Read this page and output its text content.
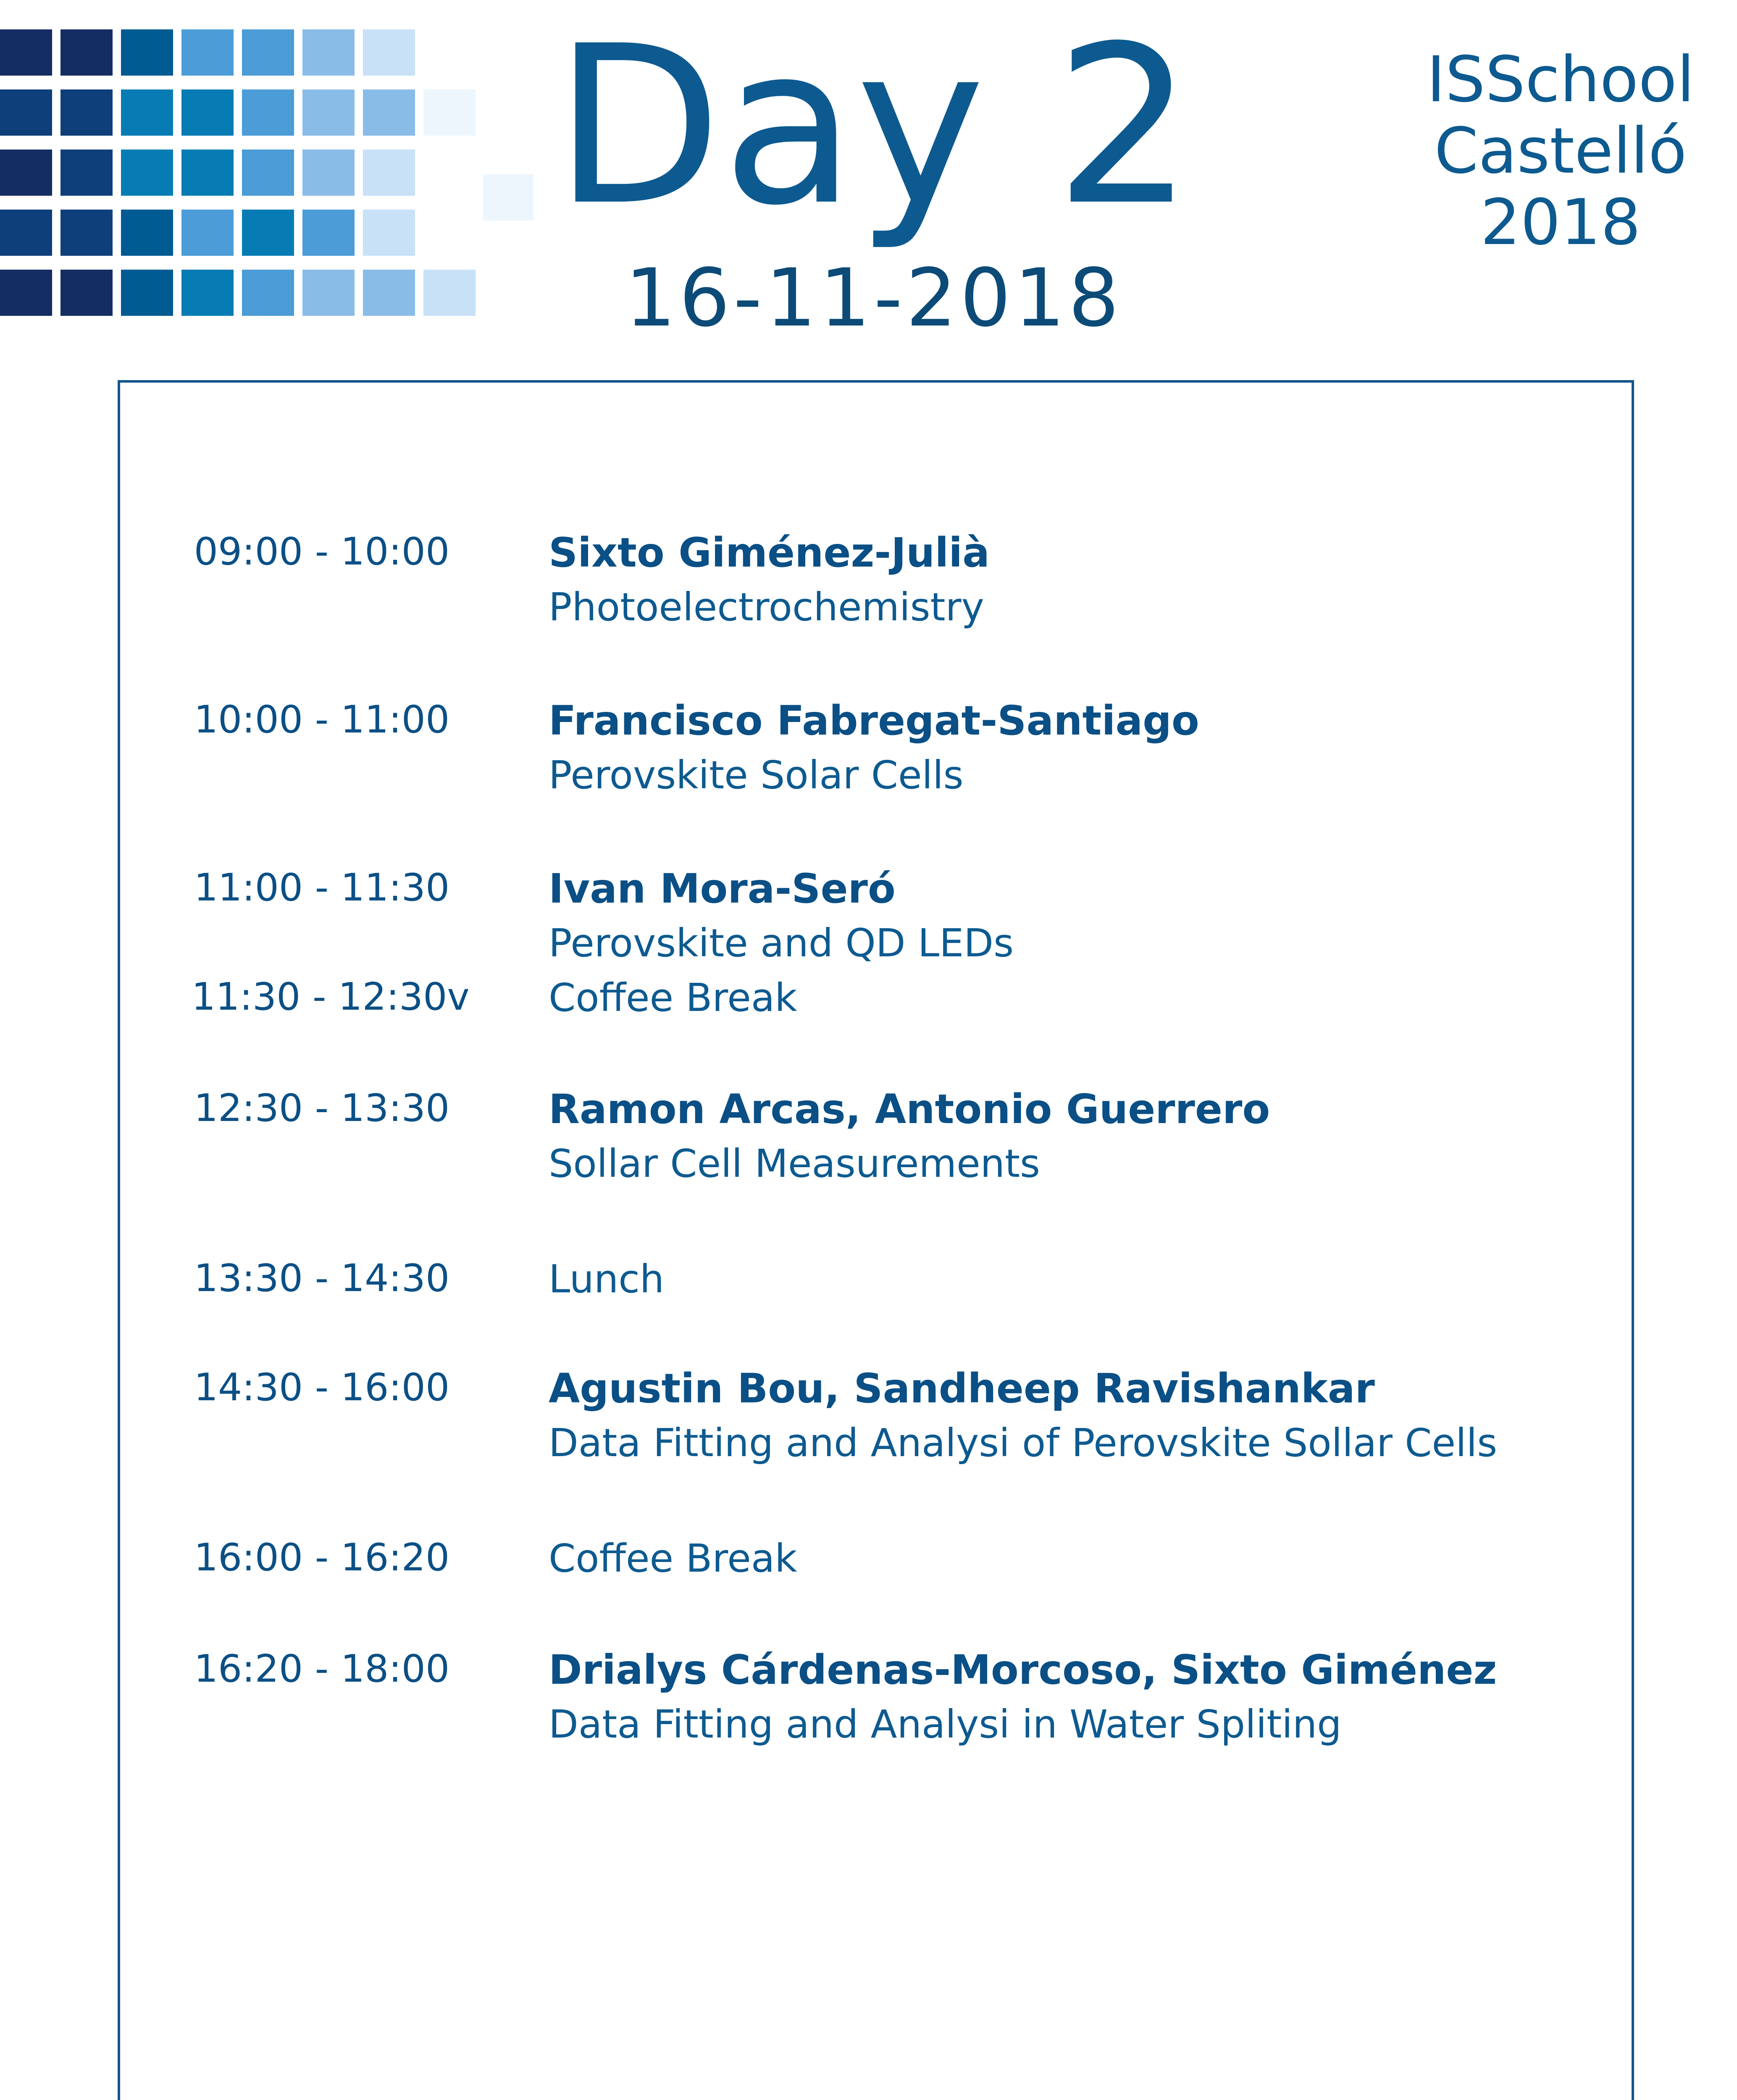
Day 2
16-11-2018
ISSchool
Castelló
2018
09:00 - 10:00 Sixto Giménez-Julià
Photoelectrochemistry
10:00 - 11:00 Francisco Fabregat-Santiago
Perovskite Solar Cells
11:00 - 11:30 Ivan Mora-Seró
Perovskite and QD LEDs
11:30 - 12:30v Coffee Break
12:30 - 13:30 Ramon Arcas, Antonio Guerrero
Sollar Cell Measurements
13:30 - 14:30	Lunch
14:30 - 16:00 Agustin Bou, Sandheep Ravishankar
Data Fitting and Analysi of Perovskite Sollar Cells
16:00 - 16:20	Coffee Break
16:20 - 18:00 Drialys Cárdenas-Morcoso, Sixto Giménez
Data Fitting and Analysi in Water Spliting
